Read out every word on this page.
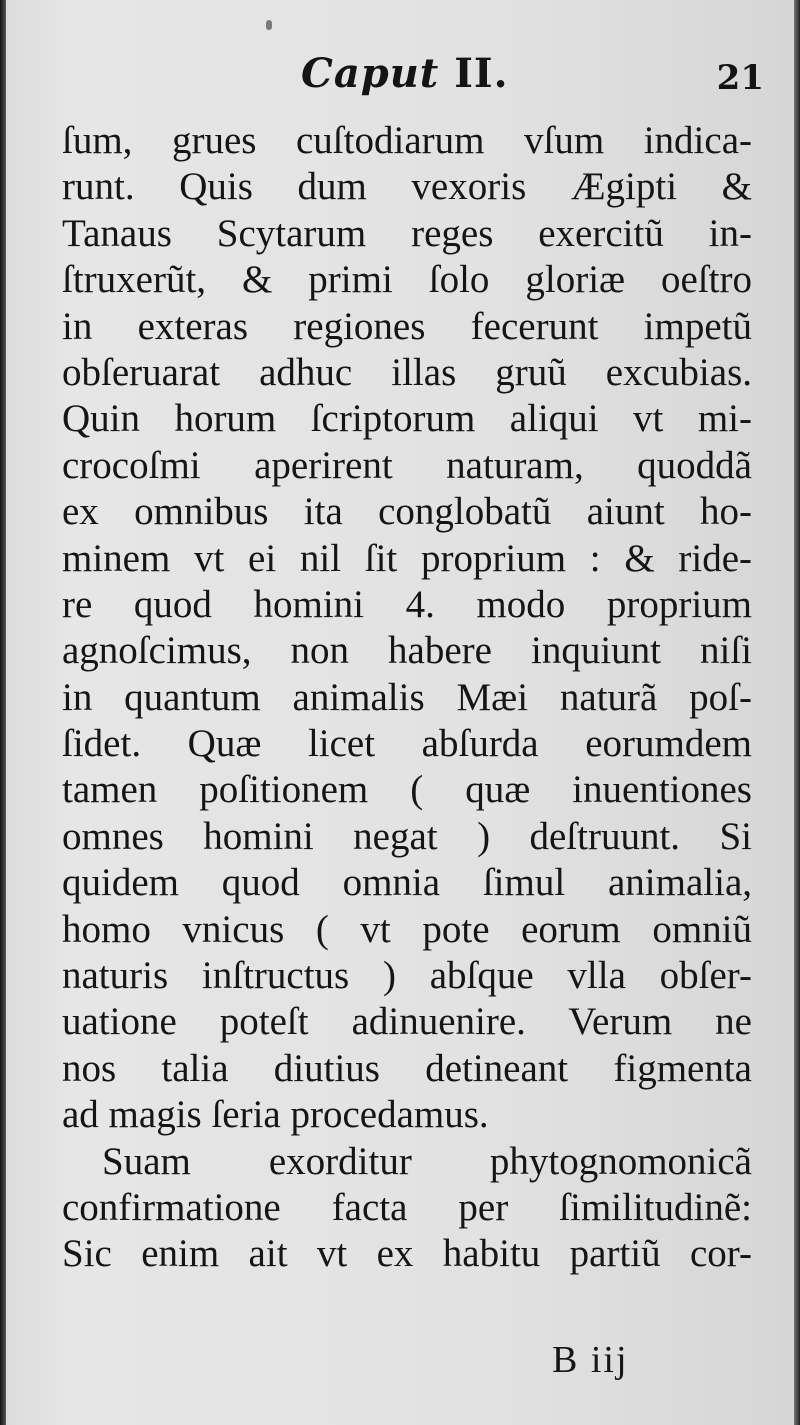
Caput II.	21
ſum, grues cuſtodiarum vſum indica-
runt. Quis dum vexoris Ægipti &
Tanaus Scytarum reges exercitũ in-
ſtruxerũt, & primi ſolo gloriæ oeſtro
in exteras regiones fecerunt impetũ
obſeruarat adhuc illas gruũ excubias.
Quin horum ſcriptorum aliqui vt mi-
crocoſmi aperirent naturam, quoddã
ex omnibus ita conglobatũ aiunt ho-
minem vt ei nil ſit proprium : & ride-
re quod homini 4. modo proprium
agnoſcimus, non habere inquiunt niſi
in quantum animalis Mæi naturã poſ-
ſidet. Quæ licet abſurda eorumdem
tamen poſitionem ( quæ inuentiones
omnes homini negat ) deſtruunt. Si
quidem quod omnia ſimul animalia,
homo vnicus ( vt pote eorum omniũ
naturis inſtructus ) abſque vlla obſer-
uatione poteſt adinuenire. Verum ne
nos talia diutius detineant figmenta
ad magis ſeria procedamus.
Suam exorditur phytognomonicã
confirmatione facta per ſimilitudinẽ:
Sic enim ait vt ex habitu partiũ cor-
B iij
